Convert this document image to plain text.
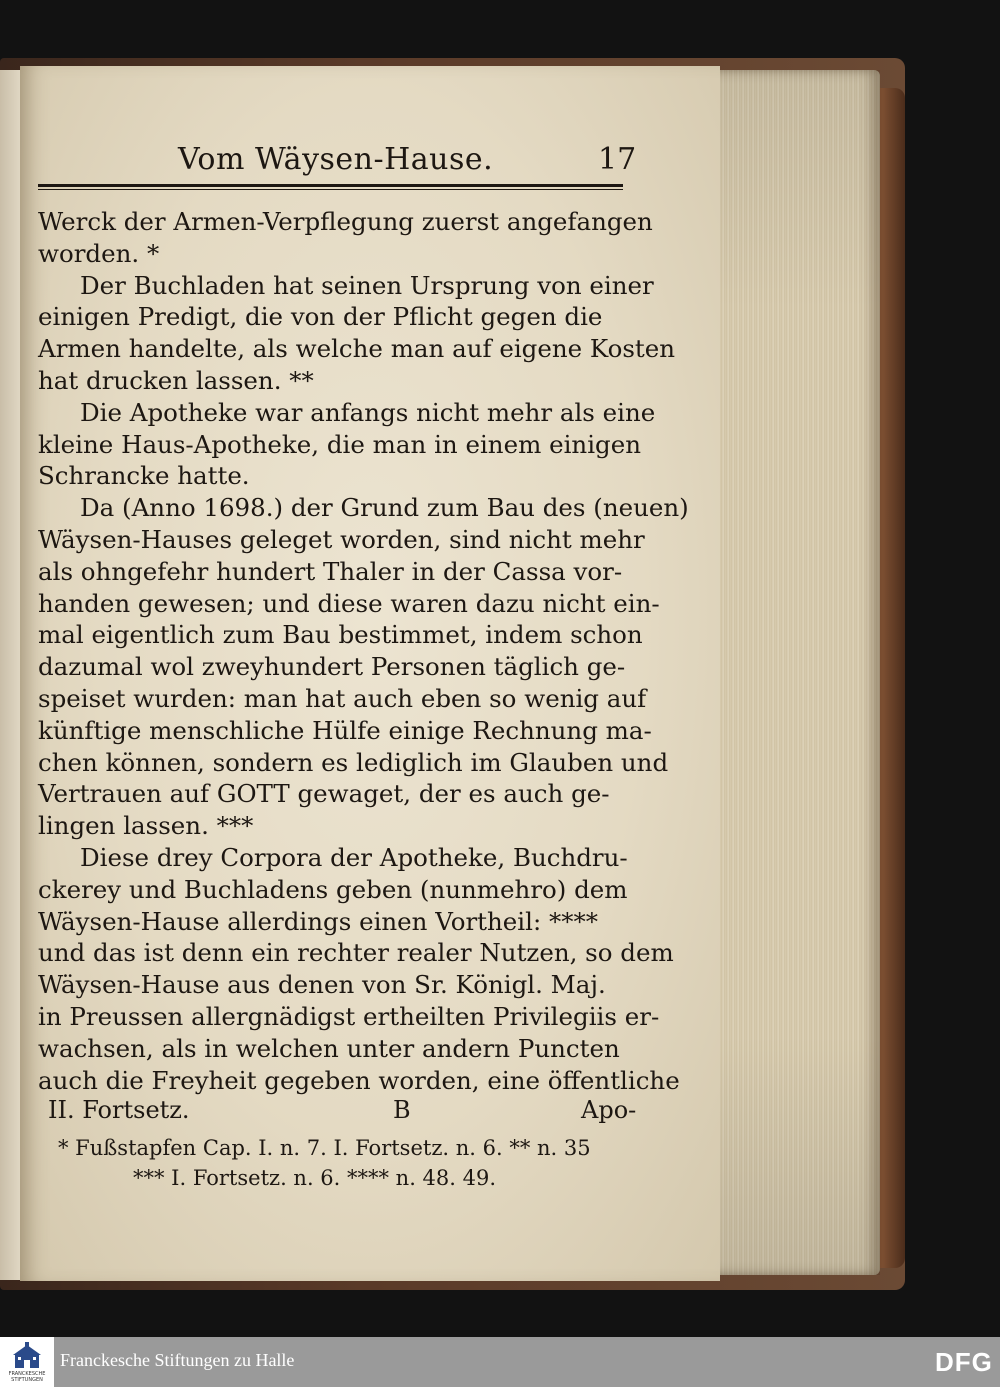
Vom Wäysen-Hause.	17
Werck der Armen-Verpflegung zuerst angefangen
worden. *
Der Buchladen hat seinen Ursprung von einer
einigen Predigt, die von der Pflicht gegen die
Armen handelte, als welche man auf eigene Kosten
hat drucken lassen. **
Die Apotheke war anfangs nicht mehr als eine
kleine Haus-Apotheke, die man in einem einigen
Schrancke hatte.
Da (Anno 1698.) der Grund zum Bau des (neuen)
Wäysen-Hauses geleget worden, sind nicht mehr
als ohngefehr hundert Thaler in der Cassa vor-
handen gewesen; und diese waren dazu nicht ein-
mal eigentlich zum Bau bestimmet, indem schon
dazumal wol zweyhundert Personen täglich ge-
speiset wurden: man hat auch eben so wenig auf
künftige menschliche Hülfe einige Rechnung ma-
chen können, sondern es lediglich im Glauben und
Vertrauen auf GOTT gewaget, der es auch ge-
lingen lassen. ***
Diese drey Corpora der Apotheke, Buchdru-
ckerey und Buchladens geben (nunmehro) dem
Wäysen-Hause allerdings einen Vortheil: ****
und das ist denn ein rechter realer Nutzen, so dem
Wäysen-Hause aus denen von Sr. Königl. Maj.
in Preussen allergnädigst ertheilten Privilegiis er-
wachsen, als in welchen unter andern Puncten
auch die Freyheit gegeben worden, eine öffentliche
II. Fortsetz.	B	Apo-
* Fußstapfen Cap. I. n. 7. I. Fortsetz. n. 6. ** n. 35
*** I. Fortsetz. n. 6. **** n. 48. 49.
FRANCKESCHE STIFTUNGEN
Franckesche Stiftungen zu Halle	DFG
